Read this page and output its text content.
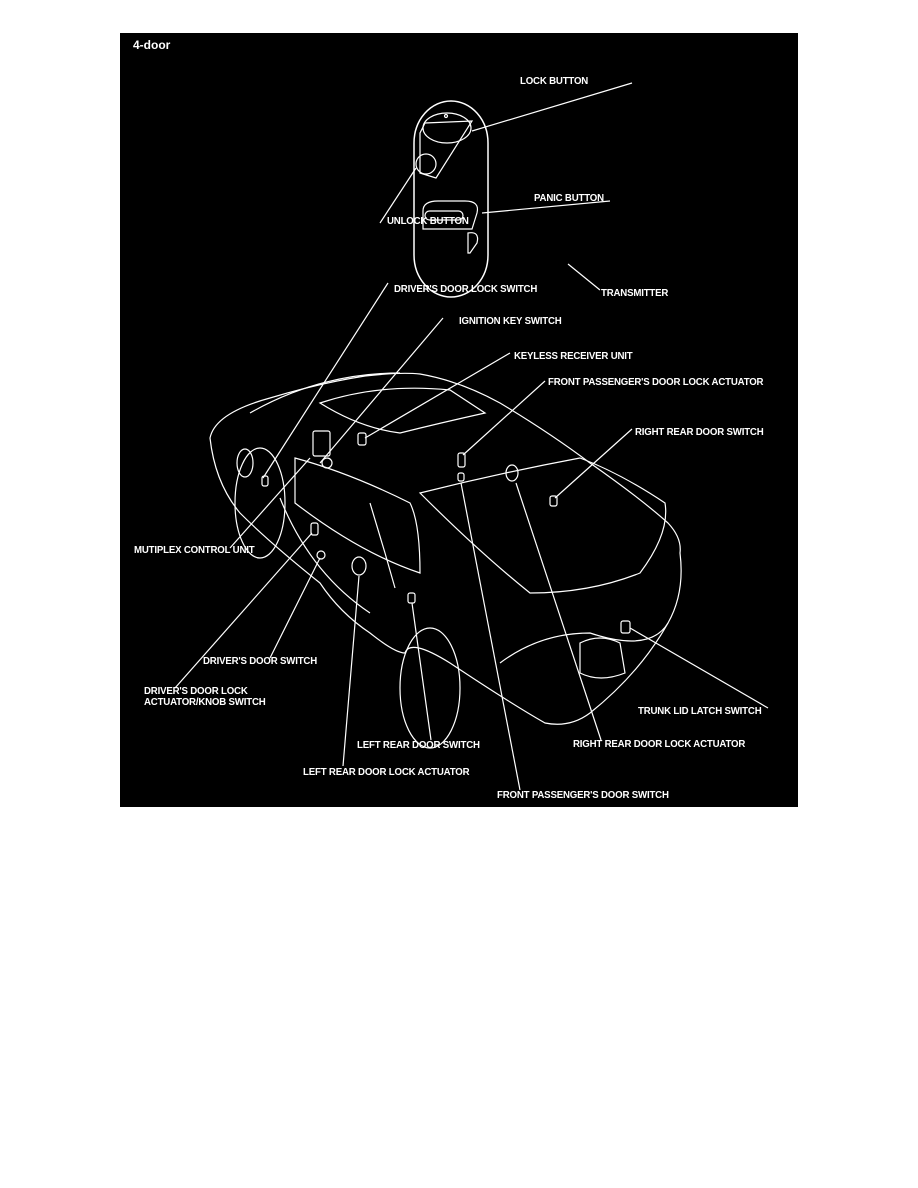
4-door
LOCK BUTTON
UNLOCK BUTTON
PANIC BUTTON
TRANSMITTER
DRIVER'S DOOR LOCK SWITCH
IGNITION KEY SWITCH
KEYLESS RECEIVER UNIT
FRONT PASSENGER'S DOOR LOCK ACTUATOR
RIGHT REAR DOOR SWITCH
MUTIPLEX CONTROL UNIT
DRIVER'S DOOR SWITCH
DRIVER'S DOOR LOCK
ACTUATOR/KNOB SWITCH
TRUNK LID LATCH SWITCH
LEFT REAR DOOR SWITCH	RIGHT REAR DOOR LOCK ACTUATOR
LEFT REAR DOOR LOCK ACTUATOR
FRONT PASSENGER'S DOOR SWITCH
